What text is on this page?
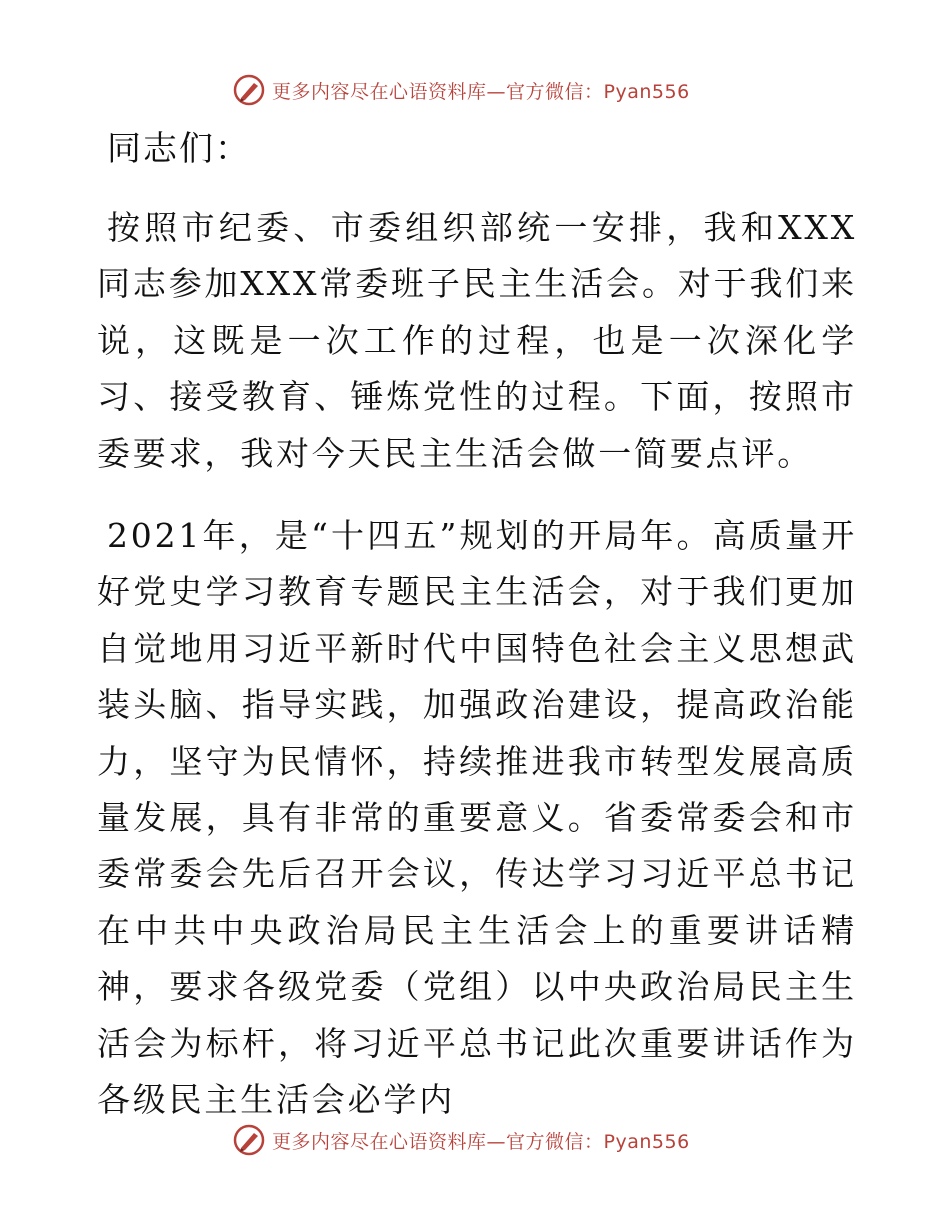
更多内容尽在心语资料库—官方微信：Pyan556
同志们：

按照市纪委、市委组织部统一安排，我和XXX同志参加XXX常委班子民主生活会。对于我们来说，这既是一次工作的过程，也是一次深化学习、接受教育、锤炼党性的过程。下面，按照市委要求，我对今天民主生活会做一简要点评。

2021年，是“十四五”规划的开局年。高质量开好党史学习教育专题民主生活会，对于我们更加自觉地用习近平新时代中国特色社会主义思想武装头脑、指导实践，加强政治建设，提高政治能力，坚守为民情怀，持续推进我市转型发展高质量发展，具有非常的重要意义。省委常委会和市委常委会先后召开会议，传达学习习近平总书记在中共中央政治局民主生活会上的重要讲话精神，要求各级党委（党组）以中央政治局民主生活会为标杆，将习近平总书记此次重要讲话作为各级民主生活会必学内

更多内容尽在心语资料库—官方微信：Pyan556
